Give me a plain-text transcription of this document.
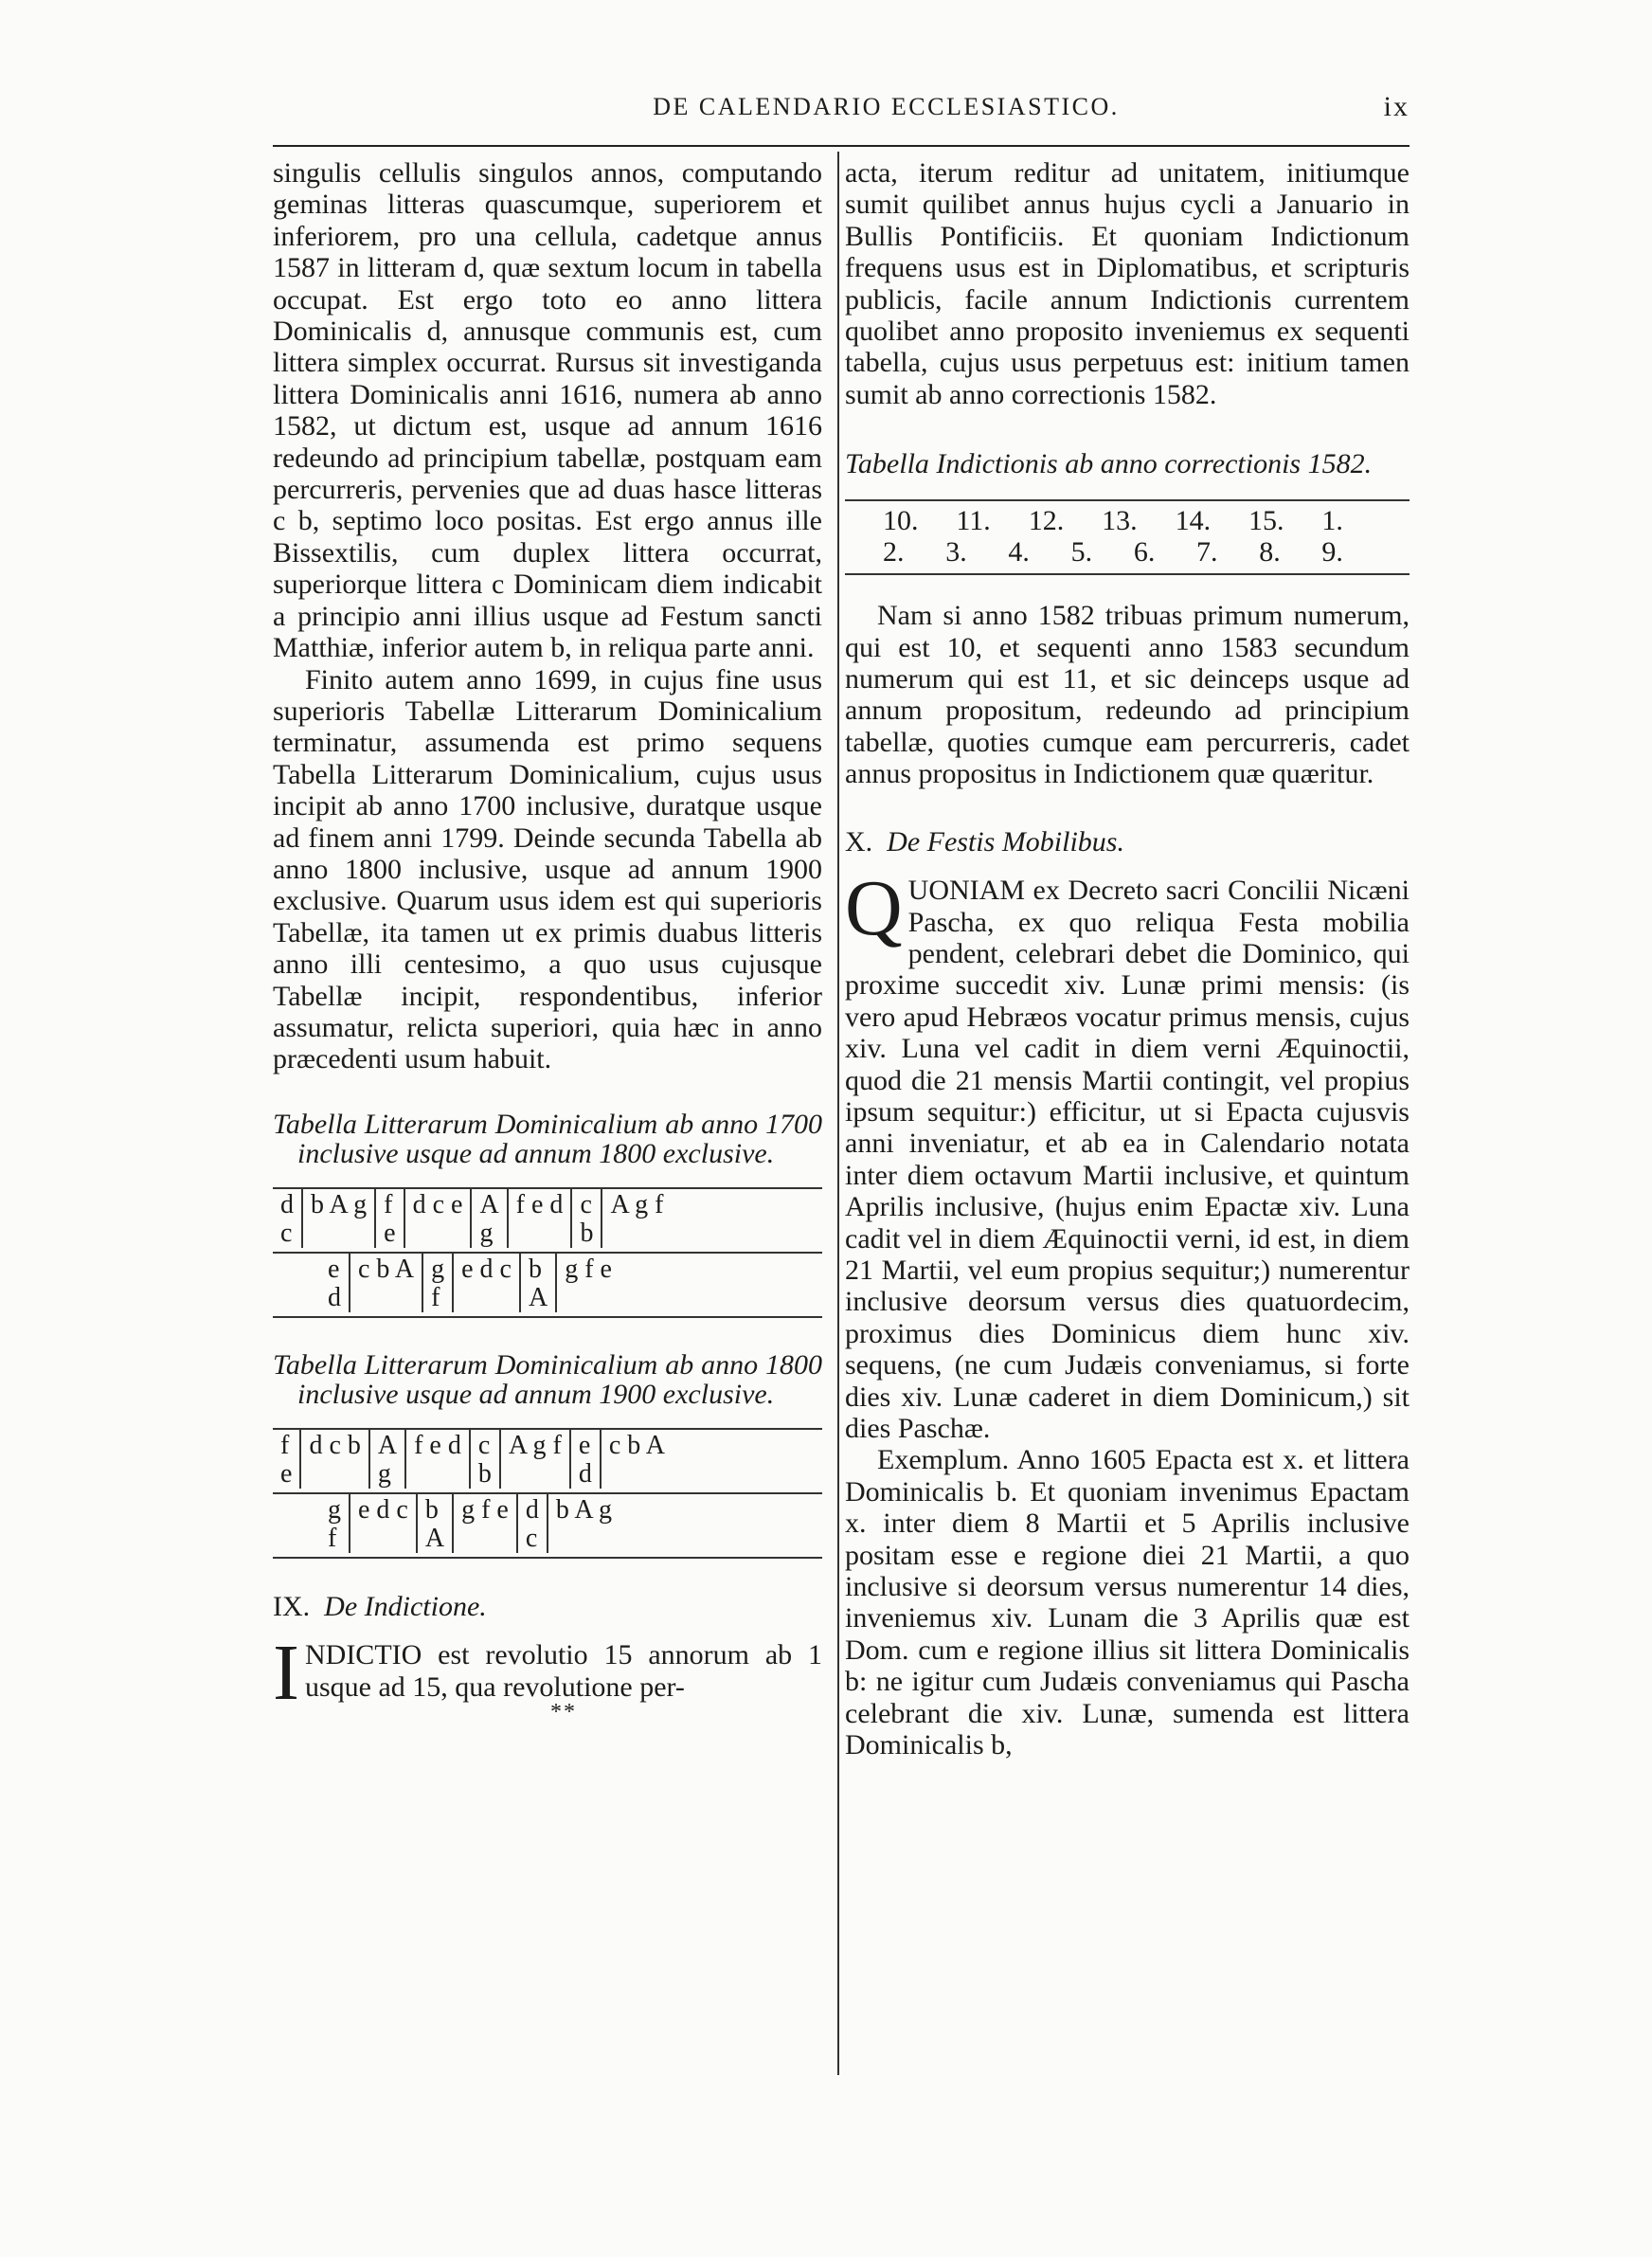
DE CALENDARIO ECCLESIASTICO.	ix

singulis cellulis singulos annos, computando geminas litteras quascumque, superiorem et inferiorem, pro una cellula, cadetque annus 1587 in litteram d, quæ sextum locum in tabella occupat. Est ergo toto eo anno littera Dominicalis d, annusque communis est, cum littera simplex occurrat. Rursus sit investiganda littera Dominicalis anni 1616, numera ab anno 1582, ut dictum est, usque ad annum 1616 redeundo ad principium tabellæ, postquam eam percurreris, pervenies que ad duas hasce litteras c b, septimo loco positas. Est ergo annus ille Bissextilis, cum duplex littera occurrat, superiorque littera c Dominicam diem indicabit a principio anni illius usque ad Festum sancti Matthiæ, inferior autem b, in reliqua parte anni.

Finito autem anno 1699, in cujus fine usus superioris Tabellæ Litterarum Dominicalium terminatur, assumenda est primo sequens Tabella Litterarum Dominicalium, cujus usus incipit ab anno 1700 inclusive, duratque usque ad finem anni 1799. Deinde secunda Tabella ab anno 1800 inclusive, usque ad annum 1900 exclusive. Quarum usus idem est qui superioris Tabellæ, ita tamen ut ex primis duabus litteris anno illi centesimo, a quo usus cujusque Tabellæ incipit, respondentibus, inferior assumatur, relicta superiori, quia hæc in anno præcedenti usum habuit.

Tabella Litterarum Dominicalium ab anno 1700 inclusive usque ad annum 1800 exclusive.

d
c
b A g
f
e
d c e
A
g
f e d
c
b
A g f

e
d
c b A
g
f
e d c
b
A
g f e

Tabella Litterarum Dominicalium ab anno 1800 inclusive usque ad annum 1900 exclusive.

f
e
d c b
A
g
f e d
c
b
A g f
e
d
c b A

g
f
e d c
b
A
g f e
d
c
b A g

IX. De Indictione.

I NDICTIO est revolutio 15 annorum ab 1 usque ad 15, qua revolutione per-

**

acta, iterum reditur ad unitatem, initiumque sumit quilibet annus hujus cycli a Januario in Bullis Pontificiis. Et quoniam Indictionum frequens usus est in Diplomatibus, et scripturis publicis, facile annum Indictionis currentem quolibet anno proposito inveniemus ex sequenti tabella, cujus usus perpetuus est: initium tamen sumit ab anno correctionis 1582.

Tabella Indictionis ab anno correctionis 1582.

10. 11. 12. 13. 14. 15. 1.
2. 3. 4. 5. 6. 7. 8. 9.

Nam si anno 1582 tribuas primum numerum, qui est 10, et sequenti anno 1583 secundum numerum qui est 11, et sic deinceps usque ad annum propositum, redeundo ad principium tabellæ, quoties cumque eam percurreris, cadet annus propositus in Indictionem quæ quæritur.

X. De Festis Mobilibus.

Q UONIAM ex Decreto sacri Concilii Nicæni Pascha, ex quo reliqua Festa mobilia pendent, celebrari debet die Dominico, qui proxime succedit xiv. Lunæ primi mensis: (is vero apud Hebræos vocatur primus mensis, cujus xiv. Luna vel cadit in diem verni Æquinoctii, quod die 21 mensis Martii contingit, vel propius ipsum sequitur:) efficitur, ut si Epacta cujusvis anni inveniatur, et ab ea in Calendario notata inter diem octavum Martii inclusive, et quintum Aprilis inclusive, (hujus enim Epactæ xiv. Luna cadit vel in diem Æquinoctii verni, id est, in diem 21 Martii, vel eum propius sequitur;) numerentur inclusive deorsum versus dies quatuordecim, proximus dies Dominicus diem hunc xiv. sequens, (ne cum Judæis conveniamus, si forte dies xiv. Lunæ caderet in diem Dominicum,) sit dies Paschæ.

Exemplum. Anno 1605 Epacta est x. et littera Dominicalis b. Et quoniam invenimus Epactam x. inter diem 8 Martii et 5 Aprilis inclusive positam esse e regione diei 21 Martii, a quo inclusive si deorsum versus numerentur 14 dies, inveniemus xiv. Lunam die 3 Aprilis quæ est Dom. cum e regione illius sit littera Dominicalis b: ne igitur cum Judæis conveniamus qui Pascha celebrant die xiv. Lunæ, sumenda est littera Dominicalis b,
